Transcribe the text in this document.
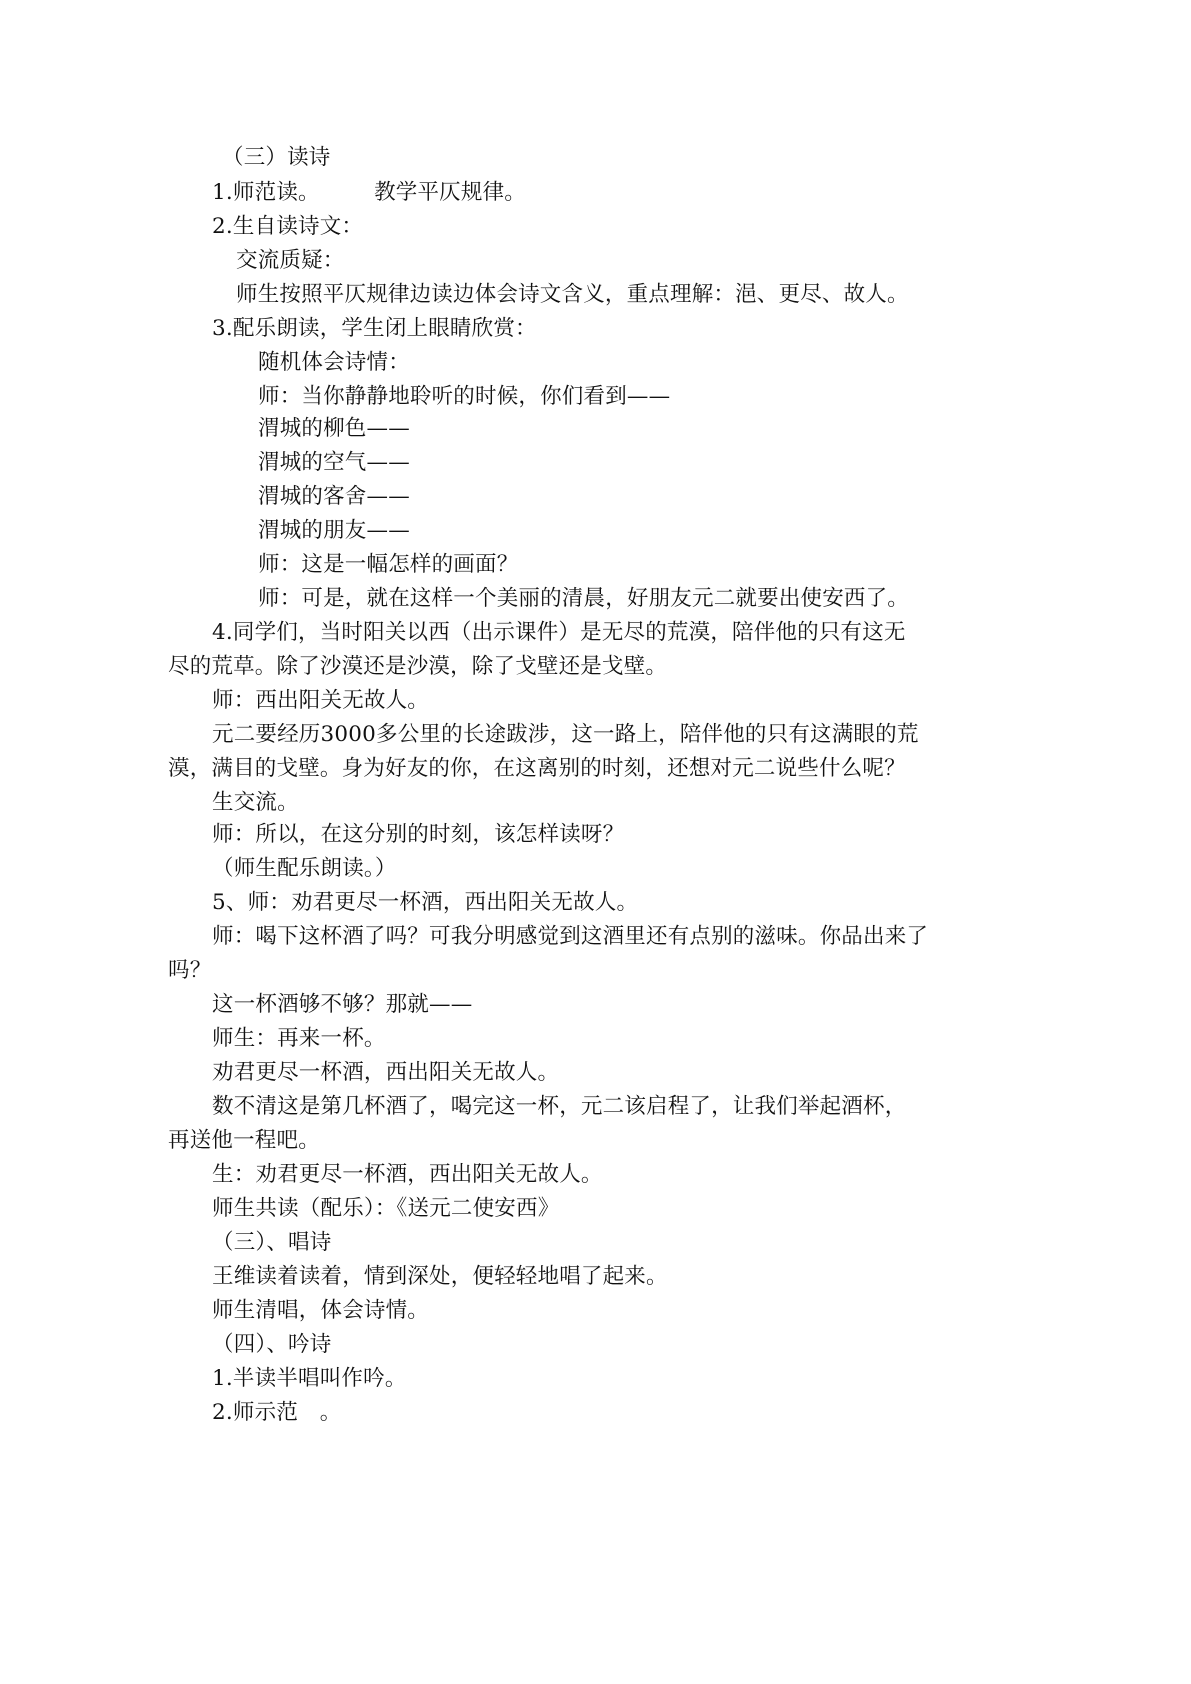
（三）读诗
1.师范读。　　　教学平仄规律。
2.生自读诗文：
交流质疑：
师生按照平仄规律边读边体会诗文含义，重点理解：浥、更尽、故人。
3.配乐朗读，学生闭上眼睛欣赏：
随机体会诗情：
师：当你静静地聆听的时候，你们看到——
渭城的柳色——
渭城的空气——
渭城的客舍——
渭城的朋友——
师：这是一幅怎样的画面？
师：可是，就在这样一个美丽的清晨，好朋友元二就要出使安西了。
4.同学们，当时阳关以西（出示课件）是无尽的荒漠，陪伴他的只有这无
尽的荒草。除了沙漠还是沙漠，除了戈壁还是戈壁。
师：西出阳关无故人。
元二要经历3000多公里的长途跋涉，这一路上，陪伴他的只有这满眼的荒
漠，满目的戈壁。身为好友的你，在这离别的时刻，还想对元二说些什么呢？
生交流。
师：所以，在这分别的时刻，该怎样读呀？
（师生配乐朗读。）
5、师：劝君更尽一杯酒，西出阳关无故人。
师：喝下这杯酒了吗？可我分明感觉到这酒里还有点别的滋味。你品出来了
吗？
这一杯酒够不够？那就——
师生：再来一杯。
劝君更尽一杯酒，西出阳关无故人。
数不清这是第几杯酒了，喝完这一杯，元二该启程了，让我们举起酒杯，
再送他一程吧。
生：劝君更尽一杯酒，西出阳关无故人。
师生共读（配乐）：《送元二使安西》
（三）、唱诗
王维读着读着，情到深处，便轻轻地唱了起来。
师生清唱，体会诗情。
（四）、吟诗
1.半读半唱叫作吟。
2.师示范　。
